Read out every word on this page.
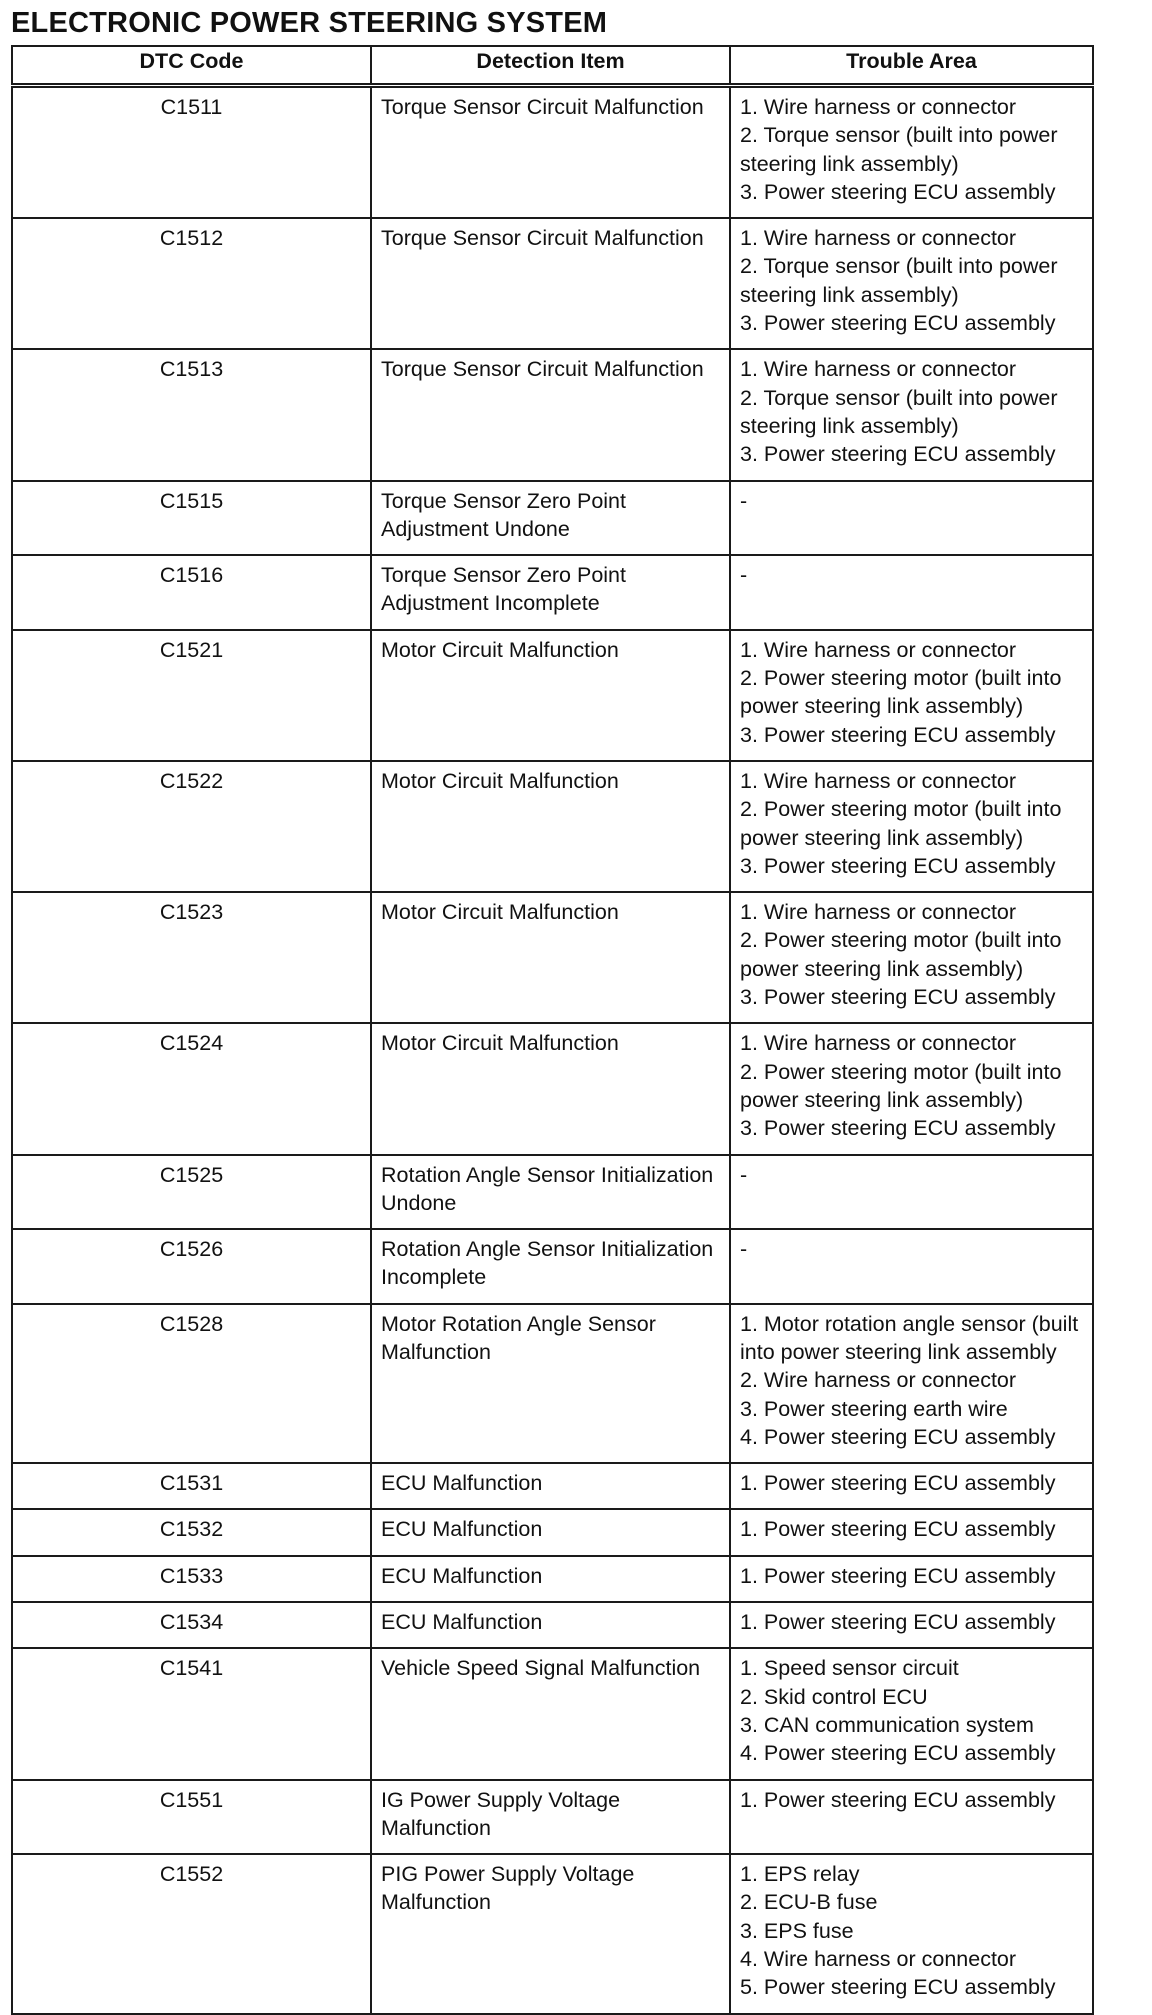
ELECTRONIC POWER STEERING SYSTEM
DTC Code	Detection Item	Trouble Area
C1511	Torque Sensor Circuit Malfunction	1. Wire harness or connector
2. Torque sensor (built into power steering link assembly)
3. Power steering ECU assembly
C1512	Torque Sensor Circuit Malfunction	1. Wire harness or connector
2. Torque sensor (built into power steering link assembly)
3. Power steering ECU assembly
C1513	Torque Sensor Circuit Malfunction	1. Wire harness or connector
2. Torque sensor (built into power steering link assembly)
3. Power steering ECU assembly
C1515	Torque Sensor Zero Point Adjustment Undone	-
C1516	Torque Sensor Zero Point Adjustment Incomplete	-
C1521	Motor Circuit Malfunction	1. Wire harness or connector
2. Power steering motor (built into power steering link assembly)
3. Power steering ECU assembly
C1522	Motor Circuit Malfunction	1. Wire harness or connector
2. Power steering motor (built into power steering link assembly)
3. Power steering ECU assembly
C1523	Motor Circuit Malfunction	1. Wire harness or connector
2. Power steering motor (built into power steering link assembly)
3. Power steering ECU assembly
C1524	Motor Circuit Malfunction	1. Wire harness or connector
2. Power steering motor (built into power steering link assembly)
3. Power steering ECU assembly
C1525	Rotation Angle Sensor Initialization Undone	-
C1526	Rotation Angle Sensor Initialization Incomplete	-
C1528	Motor Rotation Angle Sensor Malfunction	1. Motor rotation angle sensor (built into power steering link assembly
2. Wire harness or connector
3. Power steering earth wire
4. Power steering ECU assembly
C1531	ECU Malfunction	1. Power steering ECU assembly
C1532	ECU Malfunction	1. Power steering ECU assembly
C1533	ECU Malfunction	1. Power steering ECU assembly
C1534	ECU Malfunction	1. Power steering ECU assembly
C1541	Vehicle Speed Signal Malfunction	1. Speed sensor circuit
2. Skid control ECU
3. CAN communication system
4. Power steering ECU assembly
C1551	IG Power Supply Voltage Malfunction	1. Power steering ECU assembly
C1552	PIG Power Supply Voltage Malfunction	1. EPS relay
2. ECU-B fuse
3. EPS fuse
4. Wire harness or connector
5. Power steering ECU assembly
